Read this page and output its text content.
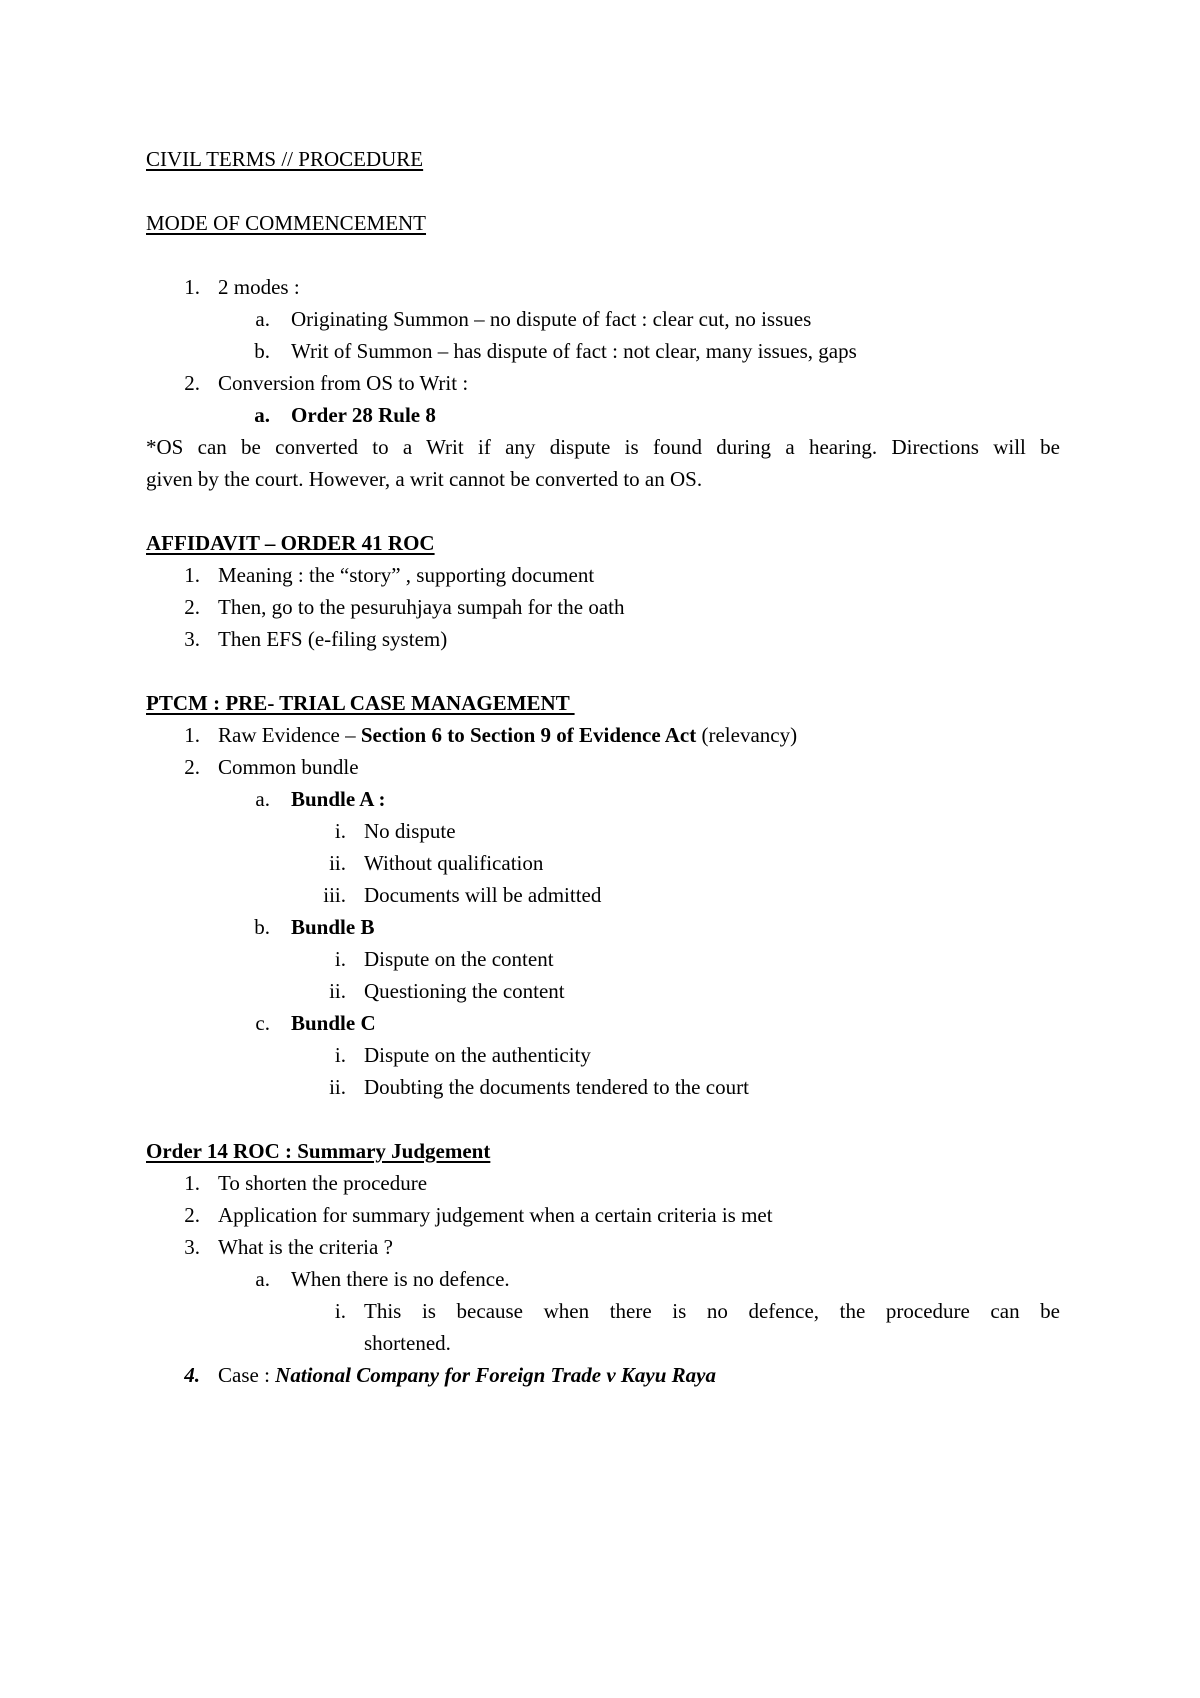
CIVIL TERMS // PROCEDURE
MODE OF COMMENCEMENT
1. 2 modes :
a. Originating Summon – no dispute of fact : clear cut, no issues
b. Writ of Summon – has dispute of fact : not clear, many issues, gaps
2. Conversion from OS to Writ :
a. Order 28 Rule 8
*OS can be converted to a Writ if any dispute is found during a hearing. Directions will be
given by the court. However, a writ cannot be converted to an OS.
AFFIDAVIT – ORDER 41 ROC
1. Meaning : the “story” , supporting document
2. Then, go to the pesuruhjaya sumpah for the oath
3. Then EFS (e-filing system)
PTCM : PRE- TRIAL CASE MANAGEMENT
1. Raw Evidence – Section 6 to Section 9 of Evidence Act (relevancy)
2. Common bundle
a. Bundle A :
i. No dispute
ii. Without qualification
iii. Documents will be admitted
b. Bundle B
i. Dispute on the content
ii. Questioning the content
c. Bundle C
i. Dispute on the authenticity
ii. Doubting the documents tendered to the court
Order 14 ROC : Summary Judgement
1. To shorten the procedure
2. Application for summary judgement when a certain criteria is met
3. What is the criteria ?
a. When there is no defence.
i. This is because when there is no defence, the procedure can be
shortened.
4. Case : National Company for Foreign Trade v Kayu Raya
